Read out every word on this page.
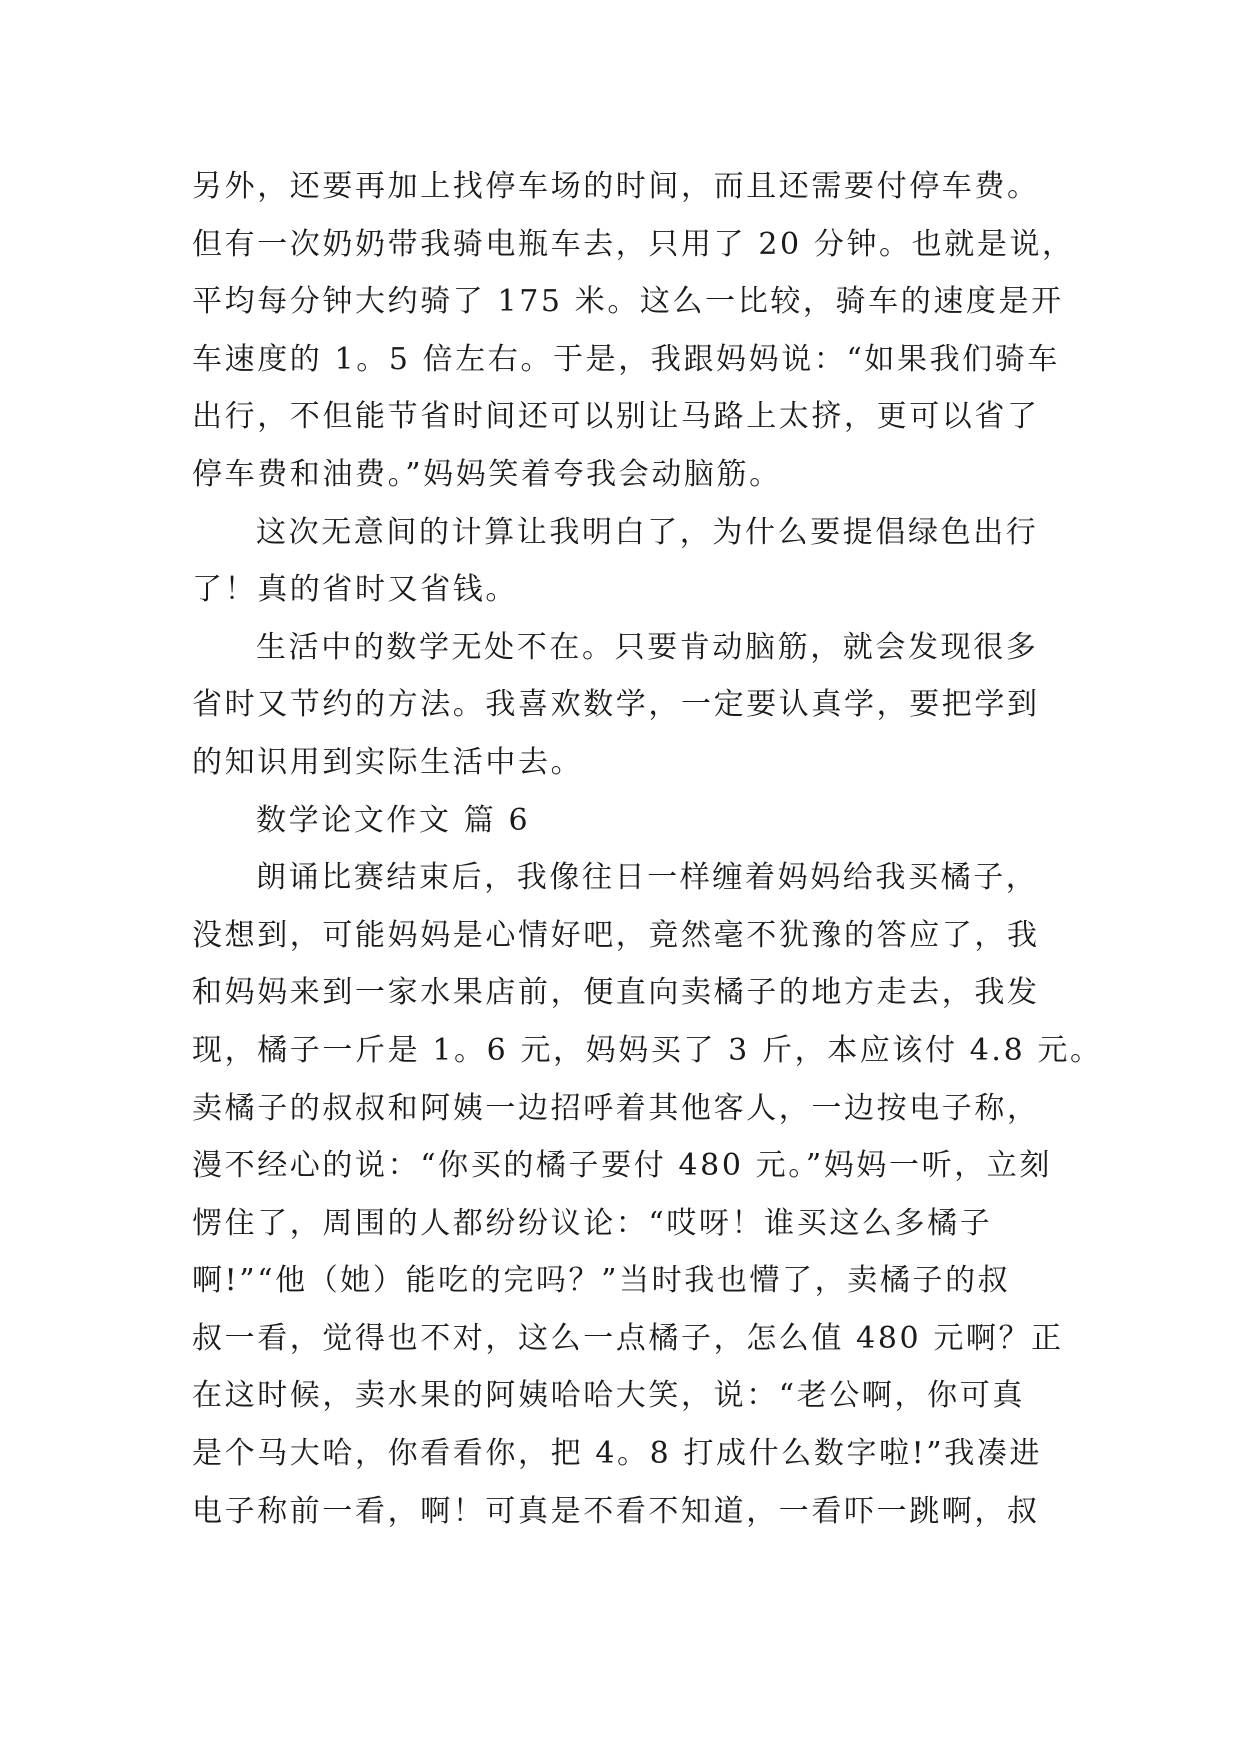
另外，还要再加上找停车场的时间，而且还需要付停车费。
但有一次奶奶带我骑电瓶车去，只用了 20 分钟。也就是说，
平均每分钟大约骑了 175 米。这么一比较，骑车的速度是开
车速度的 1。5 倍左右。于是，我跟妈妈说：“如果我们骑车
出行，不但能节省时间还可以别让马路上太挤，更可以省了
停车费和油费。”妈妈笑着夸我会动脑筋。
这次无意间的计算让我明白了，为什么要提倡绿色出行
了！真的省时又省钱。
生活中的数学无处不在。只要肯动脑筋，就会发现很多
省时又节约的方法。我喜欢数学，一定要认真学，要把学到
的知识用到实际生活中去。
数学论文作文 篇 6
朗诵比赛结束后，我像往日一样缠着妈妈给我买橘子，
没想到，可能妈妈是心情好吧，竟然毫不犹豫的答应了，我
和妈妈来到一家水果店前，便直向卖橘子的地方走去，我发
现，橘子一斤是 1。6 元，妈妈买了 3 斤，本应该付 4.8 元。
卖橘子的叔叔和阿姨一边招呼着其他客人，一边按电子称，
漫不经心的说：“你买的橘子要付 480 元。”妈妈一听，立刻
愣住了，周围的人都纷纷议论：“哎呀！谁买这么多橘子
啊!”“他（她）能吃的完吗？”当时我也懵了，卖橘子的叔
叔一看，觉得也不对，这么一点橘子，怎么值 480 元啊？正
在这时候，卖水果的阿姨哈哈大笑，说：“老公啊，你可真
是个马大哈，你看看你，把 4。8 打成什么数字啦!”我凑进
电子称前一看，啊！可真是不看不知道，一看吓一跳啊，叔
